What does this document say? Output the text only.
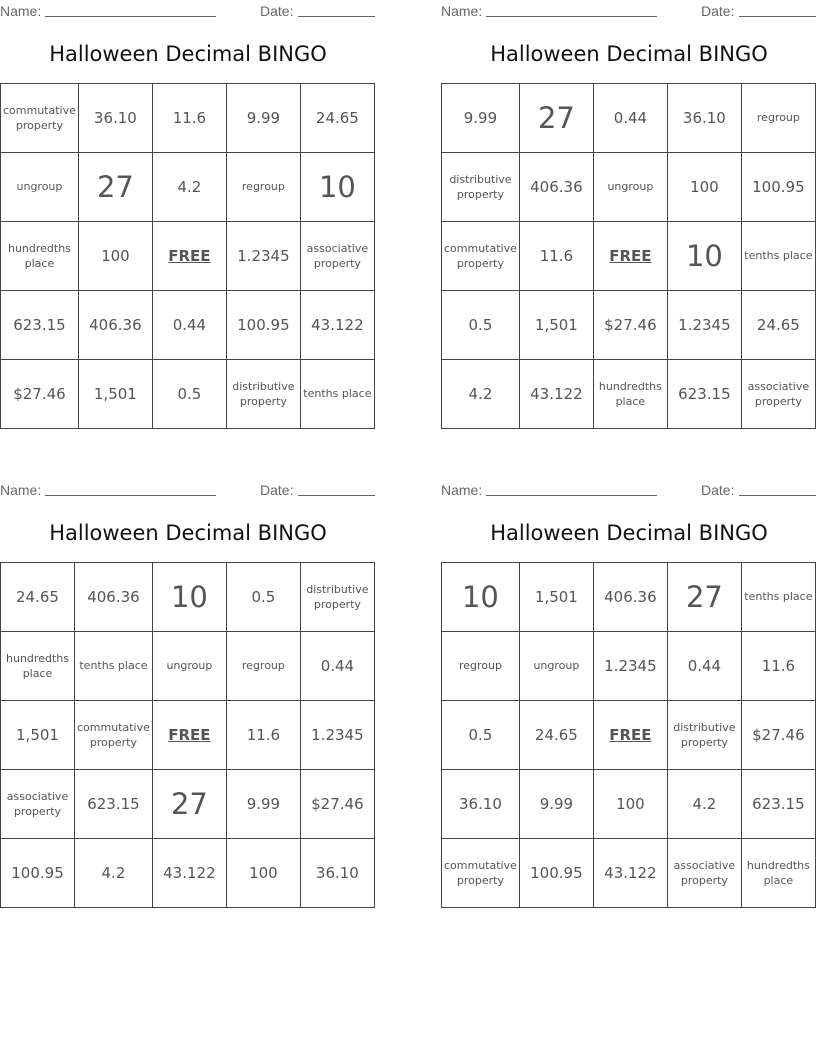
Name:	Date:
Halloween Decimal BINGO
commutative property	36.10	11.6	9.99	24.65
ungroup	27	4.2	regroup	10
hundredths place	100	FREE	1.2345	associative property
623.15	406.36	0.44	100.95	43.122
$27.46	1,501	0.5	distributive property	tenths place
Name:	Date:
Halloween Decimal BINGO
9.99	27	0.44	36.10	regroup
distributive property	406.36	ungroup	100	100.95
commutative property	11.6	FREE	10	tenths place
0.5	1,501	$27.46	1.2345	24.65
4.2	43.122	hundredths place	623.15	associative property
Name:	Date:
Halloween Decimal BINGO
24.65	406.36	10	0.5	distributive property
hundredths place	tenths place	ungroup	regroup	0.44
1,501	commutative property	FREE	11.6	1.2345
associative property	623.15	27	9.99	$27.46
100.95	4.2	43.122	100	36.10
Name:	Date:
Halloween Decimal BINGO
10	1,501	406.36	27	tenths place
regroup	ungroup	1.2345	0.44	11.6
0.5	24.65	FREE	distributive property	$27.46
36.10	9.99	100	4.2	623.15
commutative property	100.95	43.122	associative property	hundredths place
